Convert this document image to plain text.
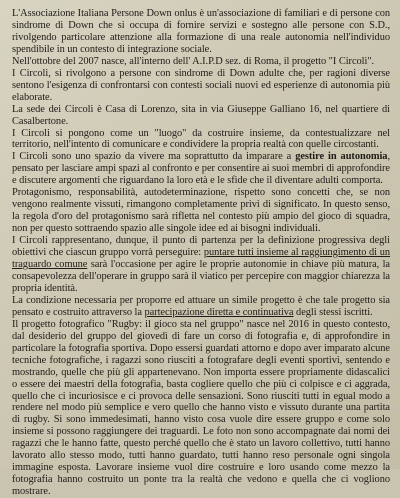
L'Associazione Italiana Persone Down onlus è un'associazione di familiari e di persone con sindrome di Down che si occupa di fornire servizi e sostegno alle persone con S.D., rivolgendo particolare attenzione alla formazione di una reale autonomia nell'individuo spendibile in un contesto di integrazione sociale.

Nell'ottobre del 2007 nasce, all'interno dell' A.I.P.D sez. di Roma, il progetto "I Circoli".

I Circoli, si rivolgono a persone con sindrome di Down adulte che, per ragioni diverse sentono l'esigenza di confrontarsi con contesti sociali nuovi ed esperienze di autonomia più elaborate.

La sede dei Circoli è Casa di Lorenzo, sita in via Giuseppe Galliano 16, nel quartiere di Casalbertone.

I Circoli si pongono come un "luogo" da costruire insieme, da contestualizzare nel territorio, nell'intento di comunicare e condividere la propria realtà con quelle circostanti.

I Circoli sono uno spazio da vivere ma soprattutto da imparare a gestire in autonomia, pensato per lasciare ampi spazi al confronto e per consentire ai suoi membri di approfondire e discutere argomenti che riguardano la loro età e le sfide che il diventare adulti comporta.

Protagonismo, responsabilità, autodeterminazione, rispetto sono concetti che, se non vengono realmente vissuti, rimangono completamente privi di significato. In questo senso, la regola d'oro del protagonismo sarà rifletta nel contesto più ampio del gioco di squadra, non per questo sottraendo spazio alle singole idee ed ai bisogni individuali.

I Circoli rappresentano, dunque, il punto di partenza per la definizione progressiva degli obiettivi che ciascun gruppo vorrà perseguire: puntare tutti insieme al raggiungimento di un traguardo comune sarà l'occasione per agire le proprie autonomie in chiave più matura, la consapevolezza dell'operare in gruppo sarà il viatico per percepire con maggior chiarezza la propria identità.

La condizione necessaria per proporre ed attuare un simile progetto è che tale progetto sia pensato e costruito attraverso la partecipazione diretta e continuativa degli stessi iscritti.

Il progetto fotografico "Rugby: il gioco sta nel gruppo" nasce nel 2016 in questo contesto, dal desiderio del gruppo del giovedì di fare un corso di fotografia e, di approfondire in particolare la fotografia sportiva. Dopo essersi guardati attorno e dopo aver imparato alcune tecniche fotografiche, i ragazzi sono riusciti a fotografare degli eventi sportivi, sentendo e mostrando, quelle che più gli appartenevano. Non importa essere propriamente didascalici o essere dei maestri della fotografia, basta cogliere quello che più ci colpisce e ci aggrada, quello che ci incuriosisce e ci provoca delle sensazioni. Sono riusciti tutti in egual modo a rendere nel modo più semplice e vero quello che hanno visto e vissuto durante una partita di rugby. Si sono immedesimati, hanno visto cosa vuole dire essere gruppo e come solo insieme si possono raggiungere dei traguardi. Le foto non sono accompagnate dai nomi dei ragazzi che le hanno fatte, questo perché quello che è stato un lavoro collettivo, tutti hanno lavorato allo stesso modo, tutti hanno guardato, tutti hanno reso personale ogni singola immagine esposta. Lavorare insieme vuol dire costruire e loro usando come mezzo la fotografia hanno costruito un ponte tra la realtà che vedono e quella che ci vogliono mostrare.
